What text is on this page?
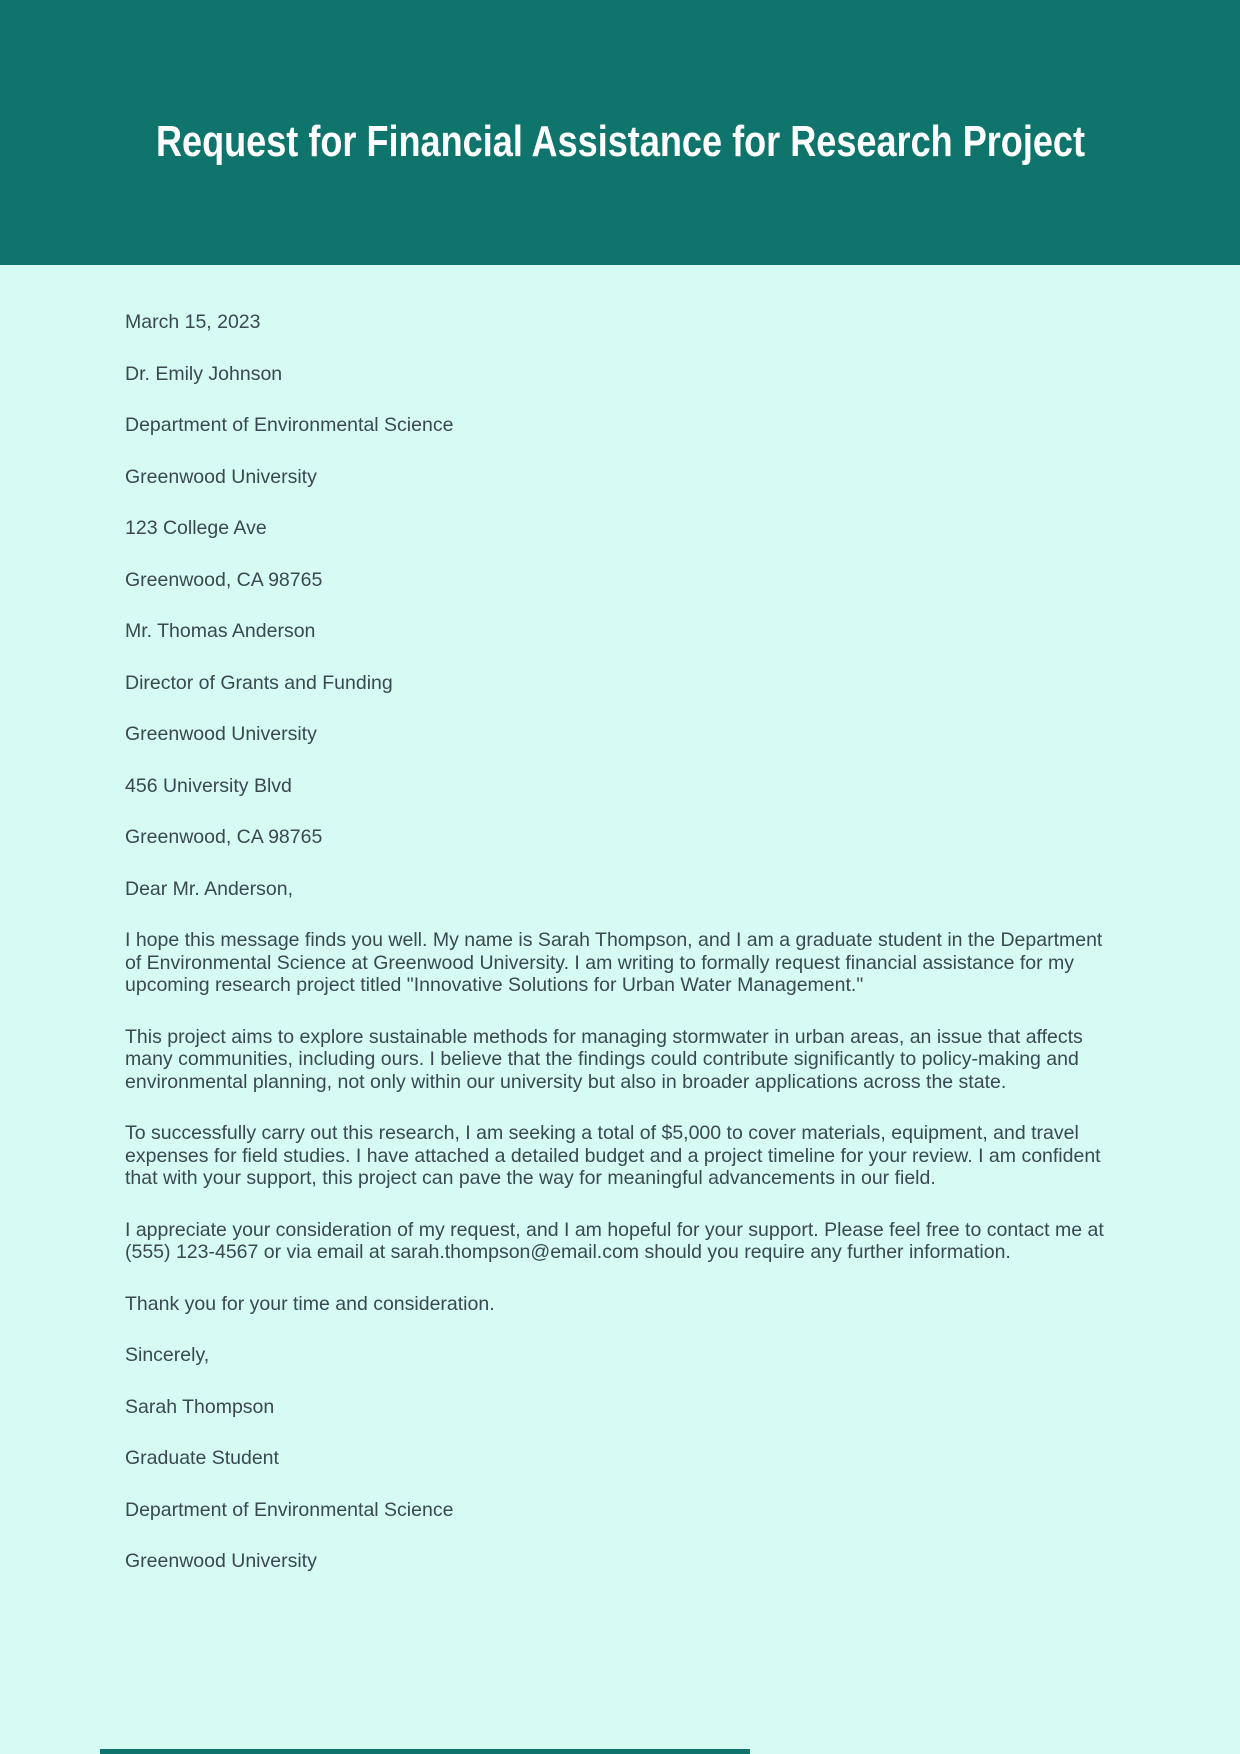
Request for Financial Assistance for Research Project

March 15, 2023

Dr. Emily Johnson

Department of Environmental Science

Greenwood University

123 College Ave

Greenwood, CA 98765

Mr. Thomas Anderson

Director of Grants and Funding

Greenwood University

456 University Blvd

Greenwood, CA 98765

Dear Mr. Anderson,

I hope this message finds you well. My name is Sarah Thompson, and I am a graduate student in the Department of Environmental Science at Greenwood University. I am writing to formally request financial assistance for my upcoming research project titled "Innovative Solutions for Urban Water Management."

This project aims to explore sustainable methods for managing stormwater in urban areas, an issue that affects many communities, including ours. I believe that the findings could contribute significantly to policy-making and environmental planning, not only within our university but also in broader applications across the state.

To successfully carry out this research, I am seeking a total of $5,000 to cover materials, equipment, and travel expenses for field studies. I have attached a detailed budget and a project timeline for your review. I am confident that with your support, this project can pave the way for meaningful advancements in our field.

I appreciate your consideration of my request, and I am hopeful for your support. Please feel free to contact me at (555) 123-4567 or via email at sarah.thompson@email.com should you require any further information.

Thank you for your time and consideration.

Sincerely,

Sarah Thompson

Graduate Student

Department of Environmental Science

Greenwood University
